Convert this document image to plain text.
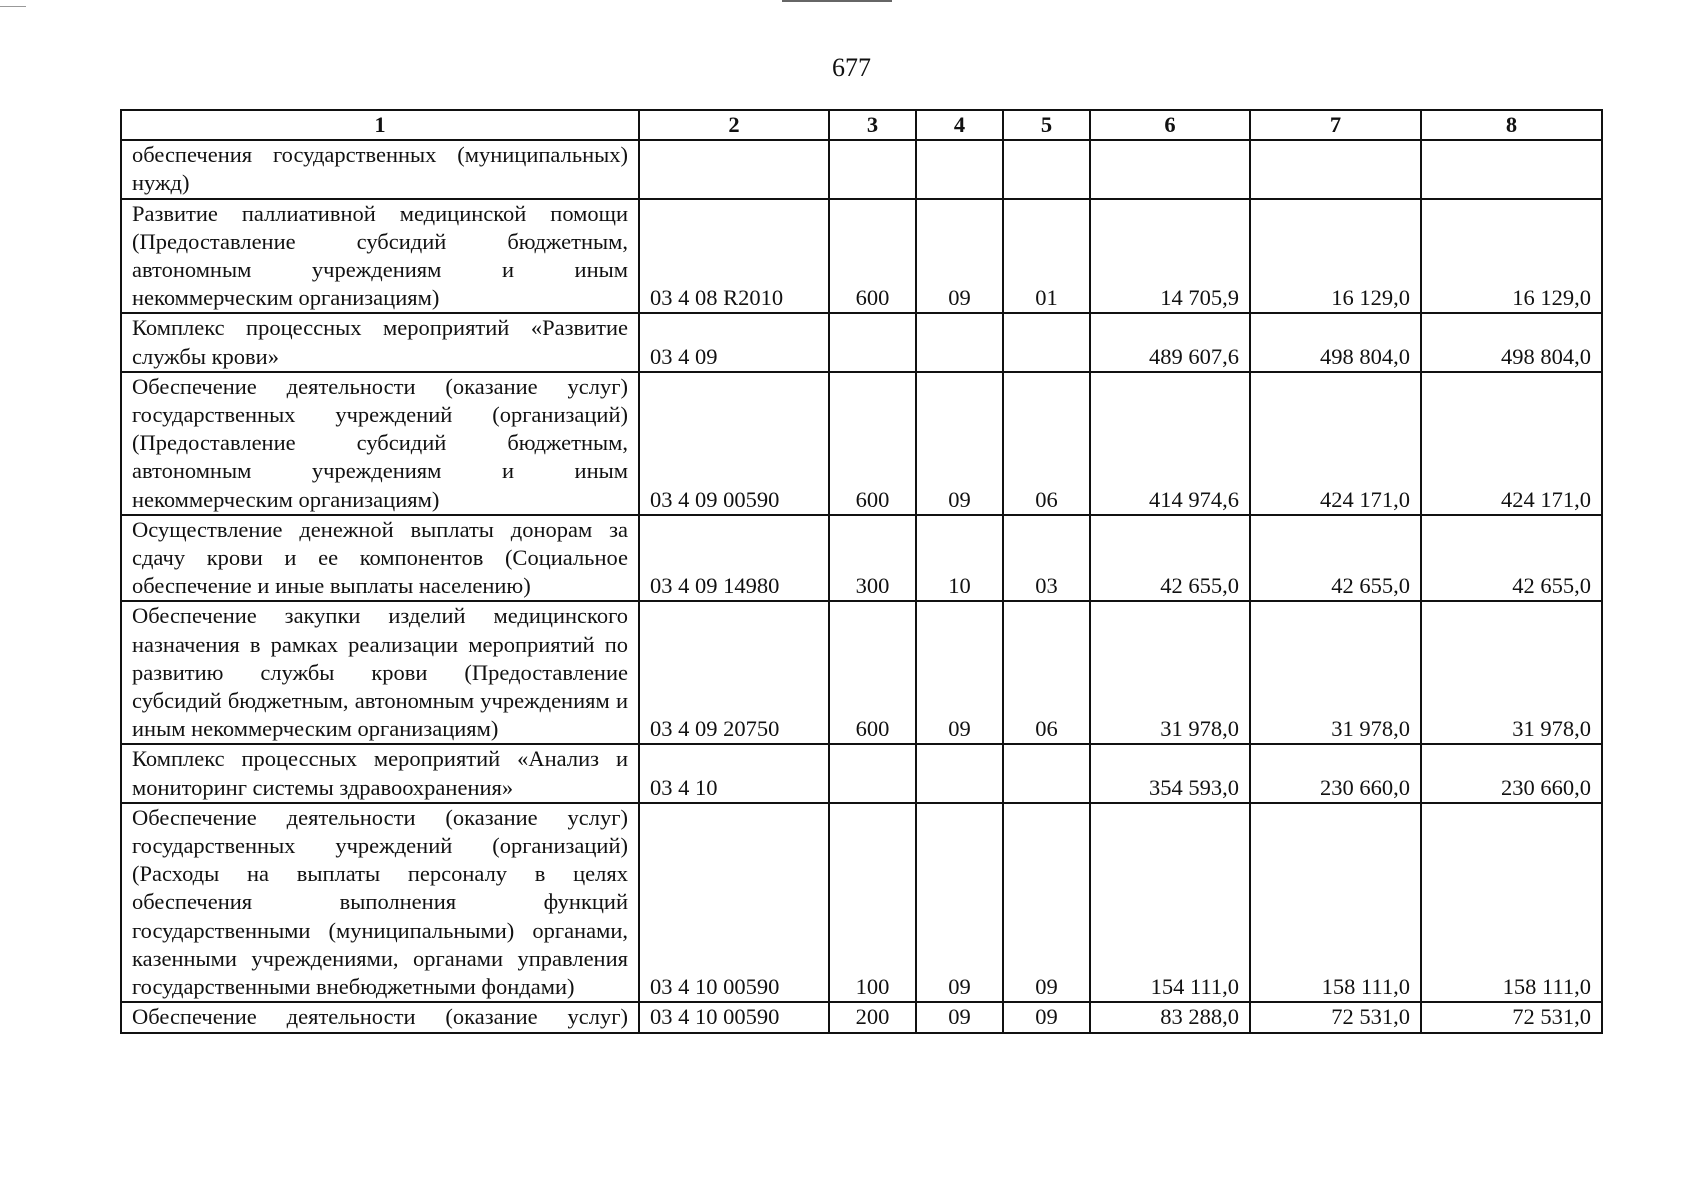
677
1	2	3	4	5	6	7	8
обеспечения государственных (муниципальных) нужд)							
Развитие паллиативной медицинской помощи (Предоставление субсидий бюджетным, автономным учреждениям и иным некоммерческим организациям)	03 4 08 R2010	600	09	01	14 705,9	16 129,0	16 129,0
Комплекс процессных мероприятий «Развитие службы крови»	03 4 09				489 607,6	498 804,0	498 804,0
Обеспечение деятельности (оказание услуг) государственных учреждений (организаций) (Предоставление субсидий бюджетным, автономным учреждениям и иным некоммерческим организациям)	03 4 09 00590	600	09	06	414 974,6	424 171,0	424 171,0
Осуществление денежной выплаты донорам за сдачу крови и ее компонентов (Социальное обеспечение и иные выплаты населению)	03 4 09 14980	300	10	03	42 655,0	42 655,0	42 655,0
Обеспечение закупки изделий медицинского назначения в рамках реализации мероприятий по развитию службы крови (Предоставление субсидий бюджетным, автономным учреждениям и иным некоммерческим организациям)	03 4 09 20750	600	09	06	31 978,0	31 978,0	31 978,0
Комплекс процессных мероприятий «Анализ и мониторинг системы здравоохранения»	03 4 10				354 593,0	230 660,0	230 660,0
Обеспечение деятельности (оказание услуг) государственных учреждений (организаций) (Расходы на выплаты персоналу в целях обеспечения выполнения функций государственными (муниципальными) органами, казенными учреждениями, органами управления государственными внебюджетными фондами)	03 4 10 00590	100	09	09	154 111,0	158 111,0	158 111,0
Обеспечение деятельности (оказание услуг)	03 4 10 00590	200	09	09	83 288,0	72 531,0	72 531,0
